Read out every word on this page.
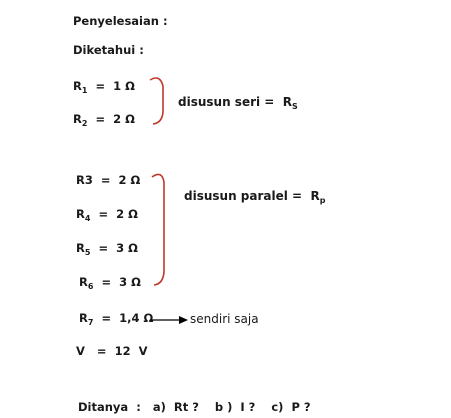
Penyelesaian :
Diketahui :
$R_1 = 1$ Ω
$R_2 = 2$ Ω
disusun seri = $R_S$
R3 =  2 Ω
$R_4 = 2$ Ω
$R_5 = 3$ Ω
$R_6 = 3$ Ω
disusun paralel = $R_p$
$R_7 = 1,4$ Ω	sendiri saja
V =  12  V
Ditanya  : a)  Rt ? b )  I ? c)  P ?
